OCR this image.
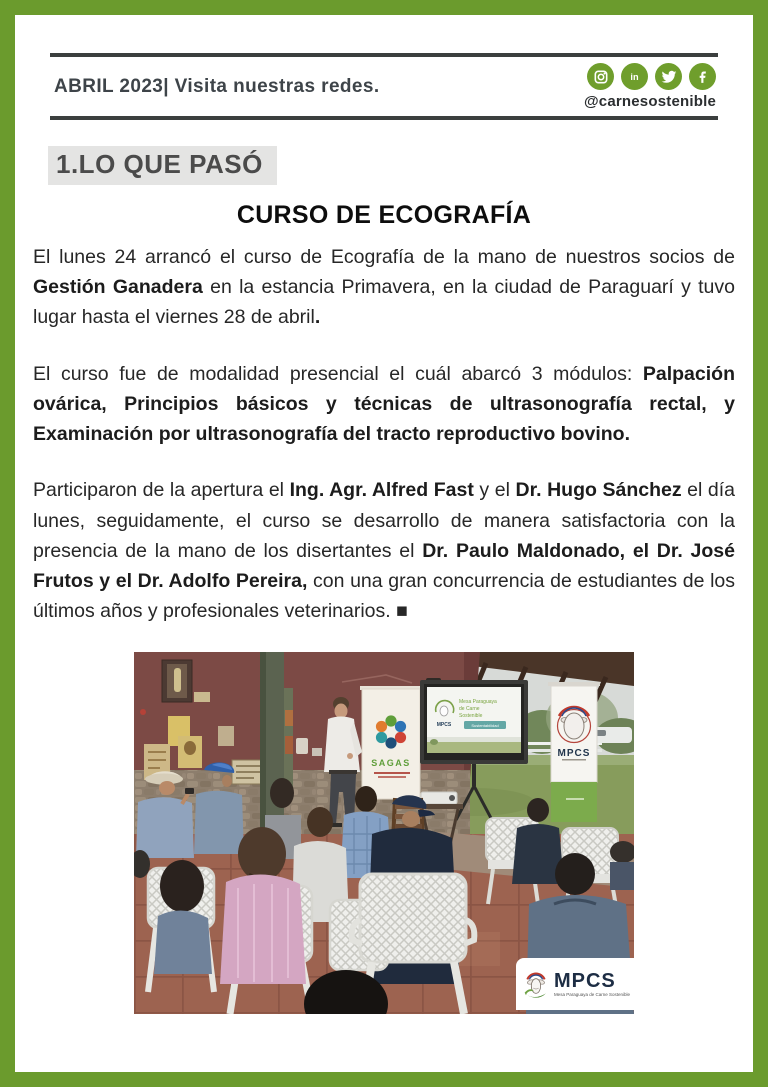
ABRIL 2023| Visita nuestras redes.	in
@carnesostenible
1.LO QUE PASÓ
CURSO DE ECOGRAFÍA

El lunes 24 arrancó el curso de Ecografía de la mano de nuestros socios de Gestión Ganadera en la estancia Primavera, en la ciudad de Paraguarí y tuvo lugar hasta el viernes 28 de abril.

El curso fue de modalidad presencial el cuál abarcó 3 módulos: Palpación ovárica, Principios básicos y técnicas de ultrasonografía rectal, y Examinación por ultrasonografía del tracto reproductivo bovino.

Participaron de la apertura el Ing. Agr. Alfred Fast y el Dr. Hugo Sánchez el día lunes, seguidamente, el curso se desarrollo de manera satisfactoria con la presencia de la mano de los disertantes el Dr. Paulo Maldonado, el Dr. José Frutos y el Dr. Adolfo Pereira, con una gran concurrencia de estudiantes de los últimos años y profesionales veterinarios. ■

SAGAS
MPCS
Mesa Paraguaya
de Carne
Sostenible
Sustentabilidad
MPCS
MPCS
Mesa Paraguaya de Carne Sostenible
